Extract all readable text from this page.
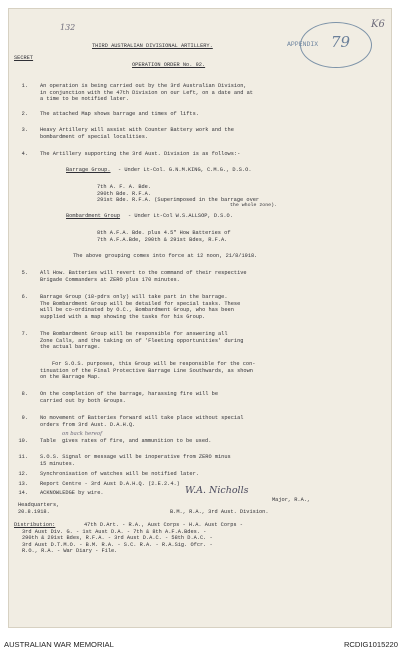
132
APPENDIX 79
K6
SECRET
THIRD AUSTRALIAN DIVISIONAL ARTILLERY.
OPERATION ORDER No. 92.
1. An operation is being carried out by the 3rd Australian Division,
in conjunction with the 47th Division on our Left, on a date and at
a time to be notified later.
2. The attached Map shows barrage and times of lifts.
3. Heavy Artillery will assist with Counter Battery work and the
bombardment of special localities.
4. The Artillery supporting the 3rd Aust. Division is as follows:-
Barrage Group. - Under Lt-Col. G.N.M.KING, C.M.G., D.S.O.
7th A. F. A. Bde.
290th Bde. R.F.A.
291st Bde. R.F.A. (Superimposed in the barrage over
the whole zone).
Bombardment Group - Under Lt-Col W.S.ALLSOP, D.S.O.
8th A.F.A. Bde. plus 4.5" How Batteries of
7th A.F.A.Bde, 290th & 291st Bdes, R.F.A.
The above grouping comes into force at 12 noon, 21/8/1918.
5. All How. Batteries will revert to the command of their respective
Brigade Commanders at ZERO plus 170 minutes.
6. Barrage Group (18-pdrs only) will take part in the barrage.
The Bombardment Group will be detailed for special tasks. These
will be co-ordinated by O.C., Bombardment Group, who has been
supplied with a map showing the tasks for his Group.
7. The Bombardment Group will be responsible for answering all
Zone Calls, and the taking on of 'Fleeting opportunities' during
the actual barrage.
For S.O.S. purposes, this Group will be responsible for the con-
tinuation of the Final Protective Barrage Line Southwards, as shown
on the Barrage Map.
8. On the completion of the barrage, harassing fire will be
carried out by both Groups.
9. No movement of Batteries forward will take place without special
orders from 3rd Aust. D.A.H.Q.
on back hereof
10. Table gives rates of fire, and ammunition to be used.
11. S.O.S. Signal or message will be inoperative from ZERO minus
15 minutes.
12. Synchronisation of watches will be notified later.
13. Report Centre - 3rd Aust D.A.H.Q. (2.E.2.4.)
14. ACKNOWLEDGE by wire.	W.A. Nicholls
Headquarters,
20.8.1918.
Major, R.A.,
B.M., R.A., 3rd Aust. Division.
Distribution:	47th D.Art. - R.A., Aust Corps - H.A. Aust Corps -
3rd Aust Div. G. - 1st Aust D.A. - 7th & 8th A.F.A.Bdes. -
290th & 291st Bdes, R.F.A. - 3rd Aust D.A.C. - 58th D.A.C. -
3rd Aust D.T.M.O. - B.M. R.A. - S.C. R.A. - R.A.Sig. Ofcr. -
R.O., R.A. - War Diary - File.
AUSTRALIAN WAR MEMORIAL	RCDIG1015220
